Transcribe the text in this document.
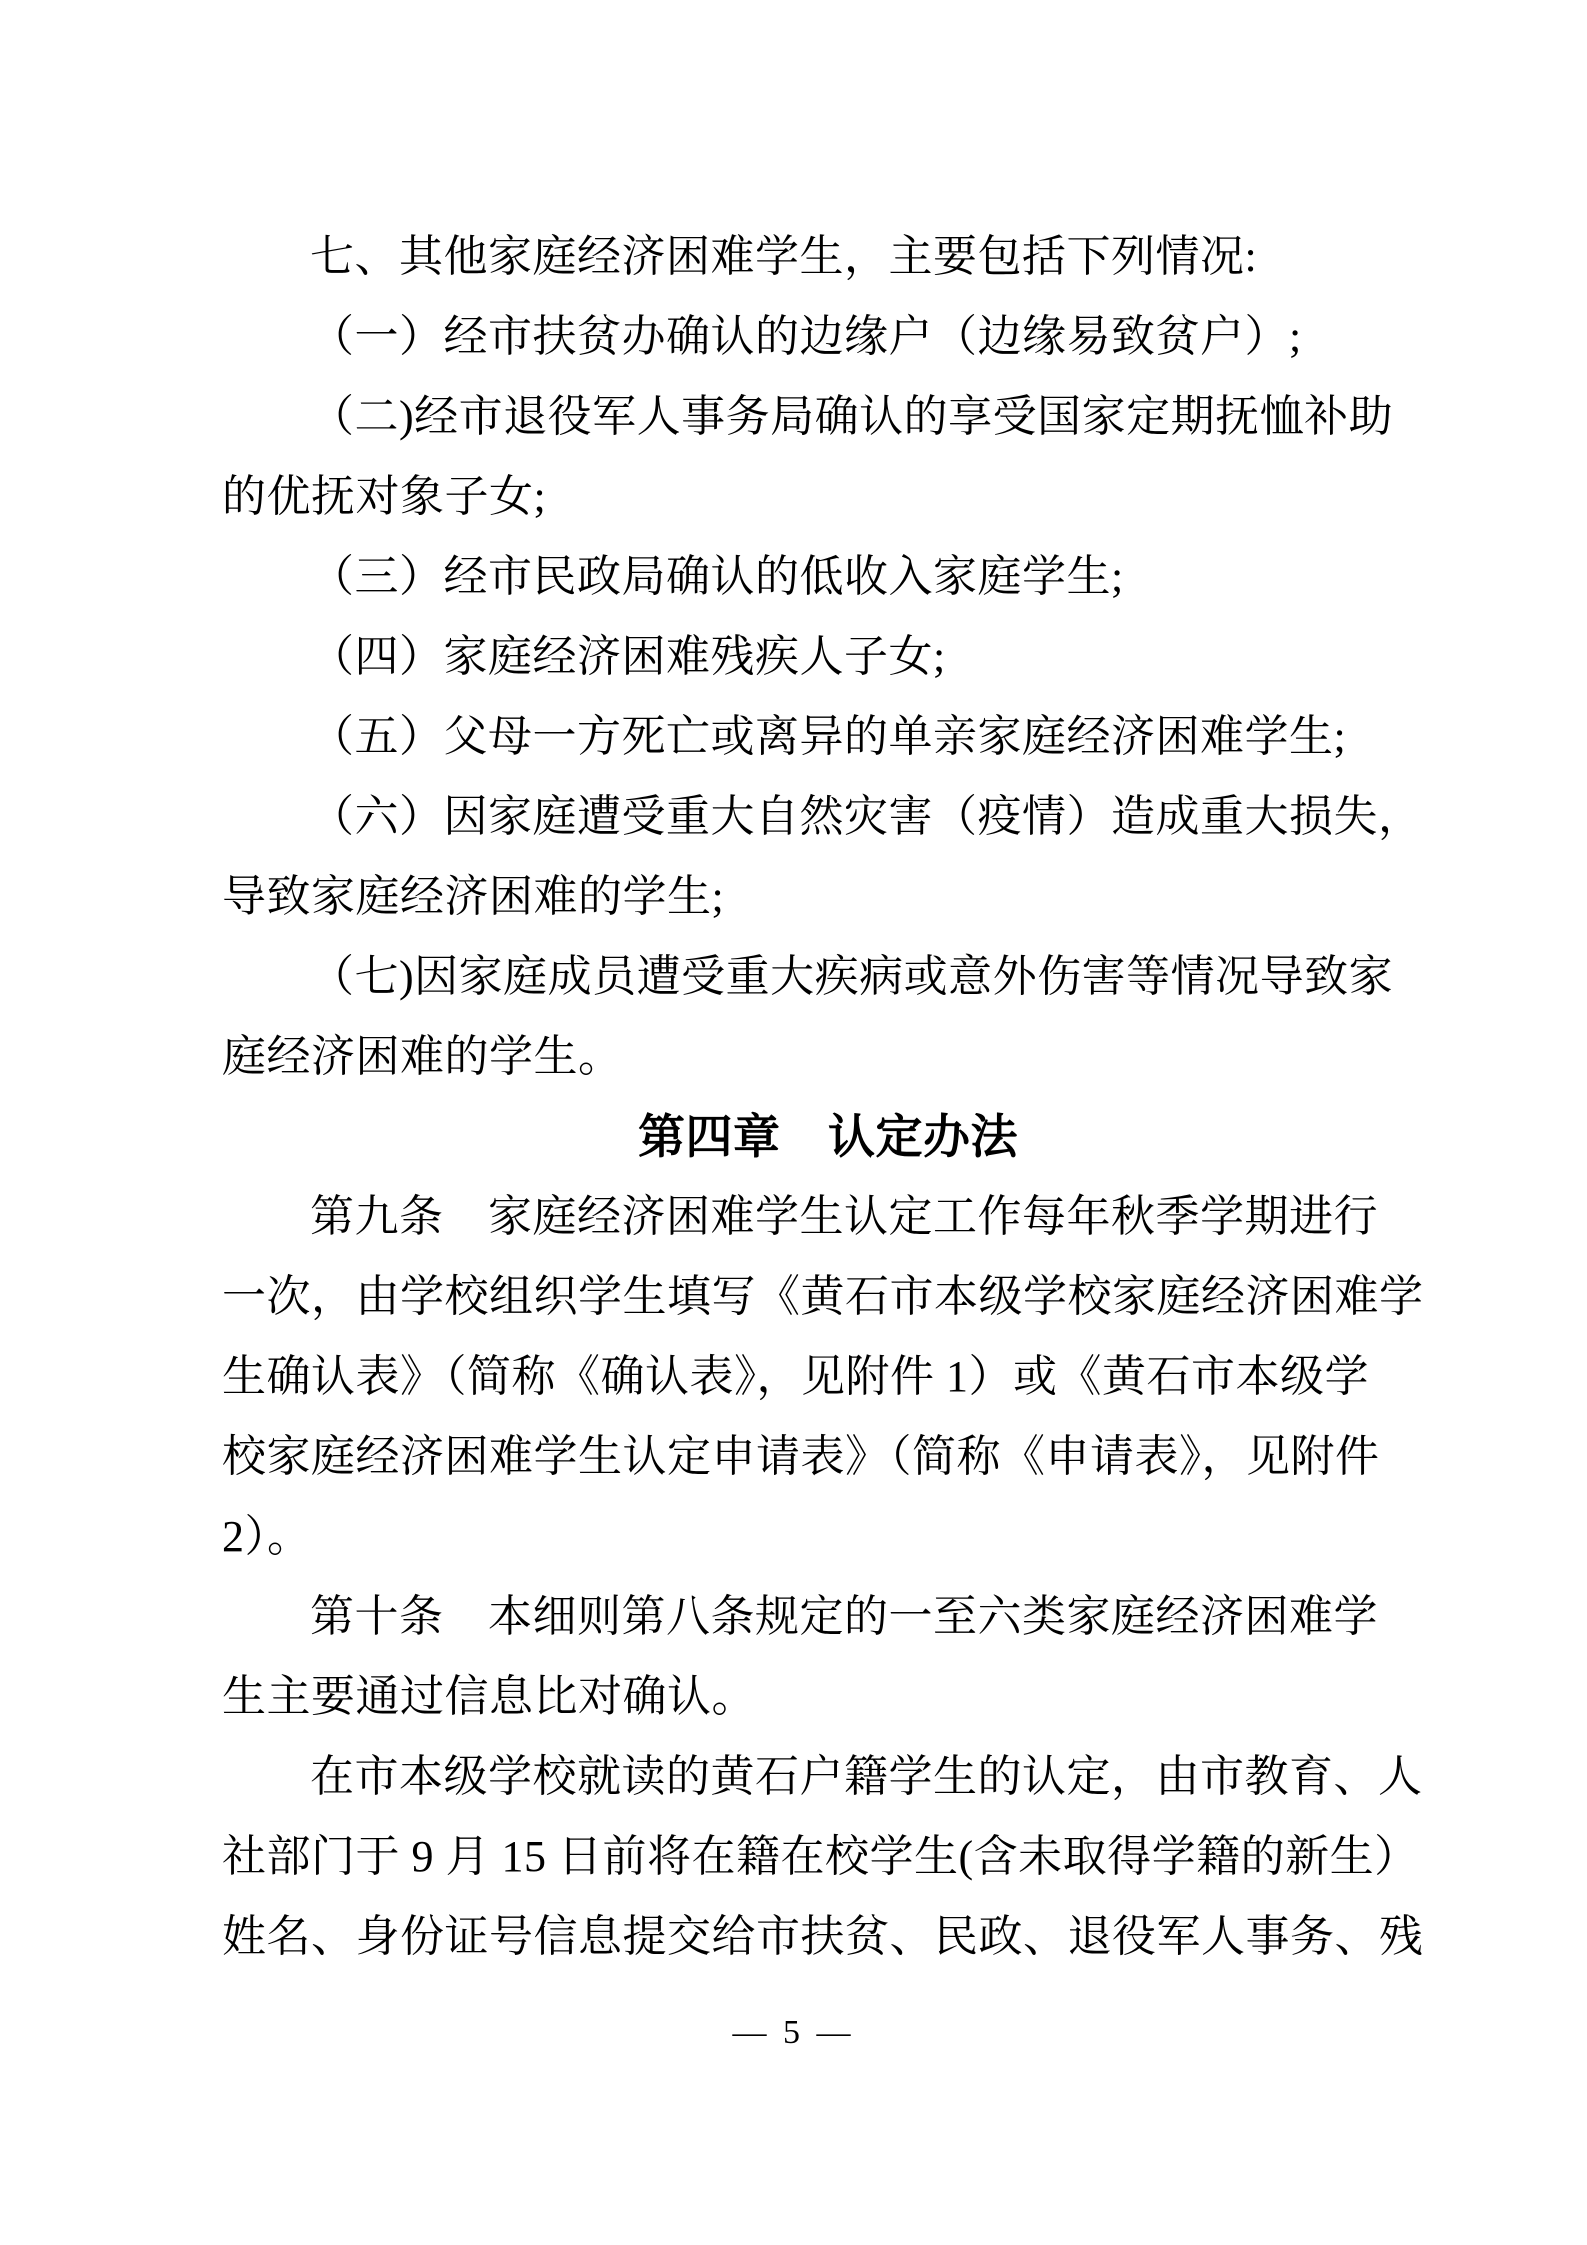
七、其他家庭经济困难学生，主要包括下列情况:
（一）经市扶贫办确认的边缘户（边缘易致贫户）;
（二)经市退役军人事务局确认的享受国家定期抚恤补助
的优抚对象子女;
（三）经市民政局确认的低收入家庭学生;
（四）家庭经济困难残疾人子女;
（五）父母一方死亡或离异的单亲家庭经济困难学生;
（六）因家庭遭受重大自然灾害（疫情）造成重大损失，
导致家庭经济困难的学生;
（七)因家庭成员遭受重大疾病或意外伤害等情况导致家
庭经济困难的学生。
第四章　认定办法
第九条　家庭经济困难学生认定工作每年秋季学期进行
一次，由学校组织学生填写《黄石市本级学校家庭经济困难学
生确认表》（简称《确认表》，见附件 1）或《黄石市本级学
校家庭经济困难学生认定申请表》（简称《申请表》，见附件
2）。
第十条　本细则第八条规定的一至六类家庭经济困难学
生主要通过信息比对确认。
在市本级学校就读的黄石户籍学生的认定，由市教育、人
社部门于 9 月 15 日前将在籍在校学生(含未取得学籍的新生）
姓名、身份证号信息提交给市扶贫、民政、退役军人事务、残
— 5 —
